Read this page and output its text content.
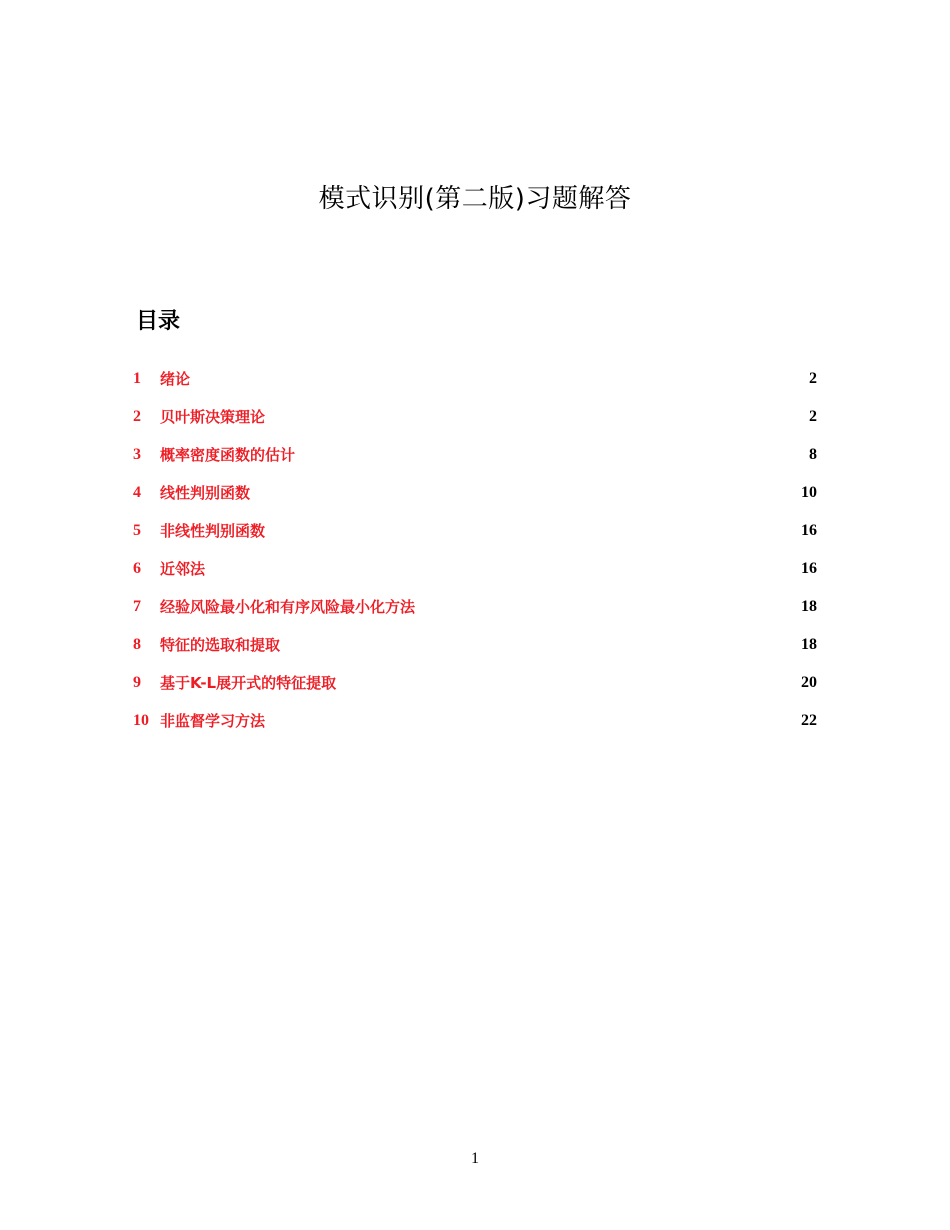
模式识别(第二版)习题解答
目录
1 绪论	2
2 贝叶斯决策理论	2
3 概率密度函数的估计	8
4 线性判别函数	10
5 非线性判别函数	16
6 近邻法	16
7 经验风险最小化和有序风险最小化方法	18
8 特征的选取和提取	18
9 基于K-L展开式的特征提取	20
10 非监督学习方法	22
1
